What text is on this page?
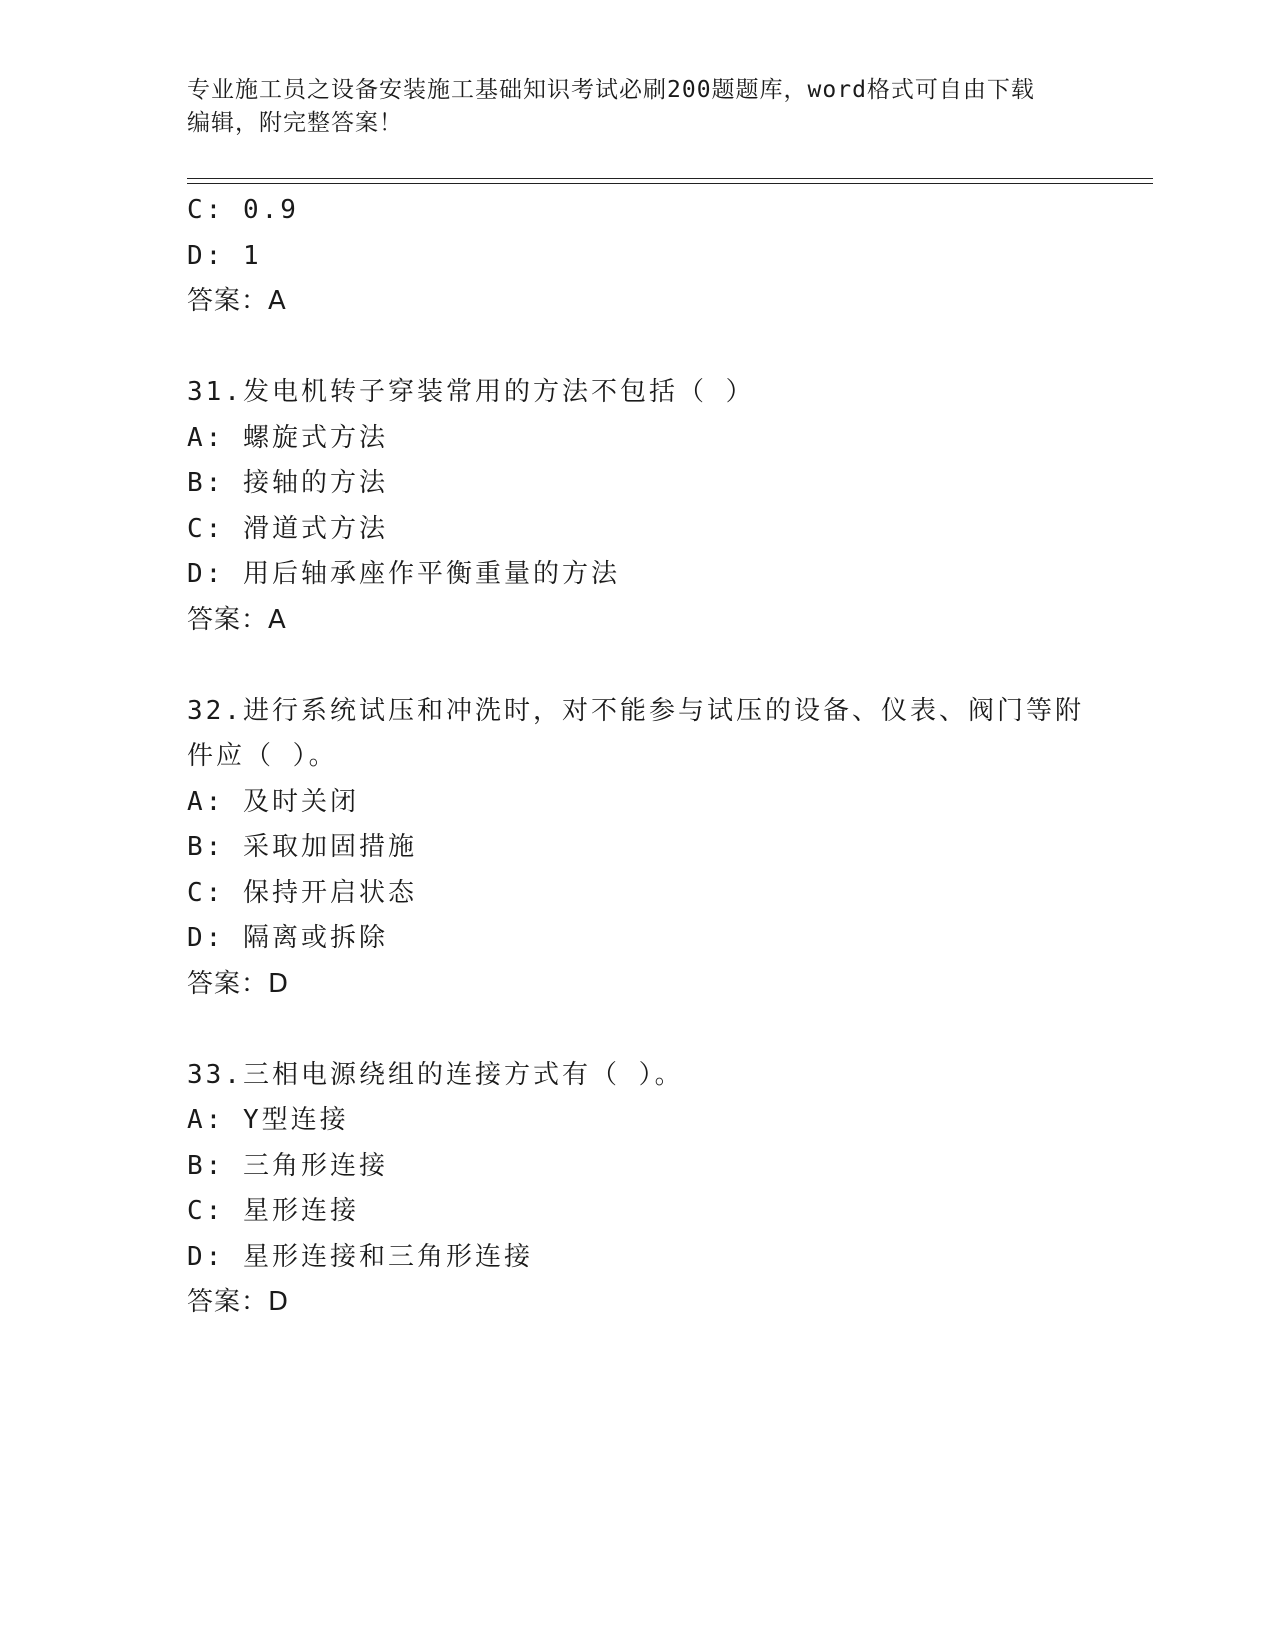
专业施工员之设备安装施工基础知识考试必刷200题题库，word格式可自由下载
编辑，附完整答案！
C: 0.9
D: 1
答案：A
31.发电机转子穿装常用的方法不包括（ ）
A: 螺旋式方法
B: 接轴的方法
C: 滑道式方法
D: 用后轴承座作平衡重量的方法
答案：A
32.进行系统试压和冲洗时，对不能参与试压的设备、仪表、阀门等附
件应（ ）。
A: 及时关闭
B: 采取加固措施
C: 保持开启状态
D: 隔离或拆除
答案：D
33.三相电源绕组的连接方式有（ ）。
A: Y型连接
B: 三角形连接
C: 星形连接
D: 星形连接和三角形连接
答案：D
